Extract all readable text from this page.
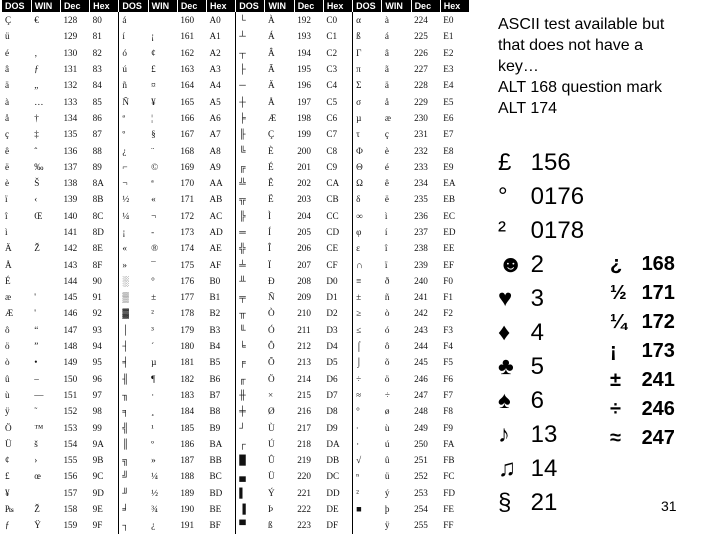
DOS	WIN	Dec	Hex	DOS	WIN	Dec	Hex	DOS	WIN	Dec	Hex	DOS	WIN	Dec	Hex
Ç	€	128	80	á		160	A0	└	À	192	C0	α	à	224	E0
ü		129	81	í	¡	161	A1	┴	Á	193	C1	ß	á	225	E1
é	‚	130	82	ó	¢	162	A2	┬	Â	194	C2	Γ	â	226	E2
â	ƒ	131	83	ú	£	163	A3	├	Ã	195	C3	π	ã	227	E3
ä	„	132	84	ñ	¤	164	A4	─	Ä	196	C4	Σ	ä	228	E4
à	…	133	85	Ñ	¥	165	A5	┼	Å	197	C5	σ	å	229	E5
å	†	134	86	ª	¦	166	A6	╞	Æ	198	C6	µ	æ	230	E6
ç	‡	135	87	º	§	167	A7	╟	Ç	199	C7	τ	ç	231	E7
ê	ˆ	136	88	¿	¨	168	A8	╚	È	200	C8	Φ	è	232	E8
ë	‰	137	89	⌐	©	169	A9	╔	É	201	C9	Θ	é	233	E9
è	Š	138	8A	¬	ª	170	AA	╩	Ê	202	CA	Ω	ê	234	EA
ï	‹	139	8B	½	«	171	AB	╦	Ë	203	CB	δ	ë	235	EB
î	Œ	140	8C	¼	¬	172	AC	╠	Ì	204	CC	∞	ì	236	EC
ì		141	8D	¡	-	173	AD	═	Í	205	CD	φ	í	237	ED
Ä	Ž	142	8E	«	®	174	AE	╬	Î	206	CE	ε	î	238	EE
Å		143	8F	»	¯	175	AF	╧	Ï	207	CF	∩	ï	239	EF
É		144	90	░	°	176	B0	╨	Ð	208	D0	≡	ð	240	F0
æ	'	145	91	▒	±	177	B1	╤	Ñ	209	D1	±	ñ	241	F1
Æ	'	146	92	▓	²	178	B2	╥	Ò	210	D2	≥	ò	242	F2
ô	“	147	93	│	³	179	B3	╙	Ó	211	D3	≤	ó	243	F3
ö	”	148	94	┤	´	180	B4	╘	Ô	212	D4	⌠	ô	244	F4
ò	•	149	95	╡	µ	181	B5	╒	Õ	213	D5	⌡	õ	245	F5
û	–	150	96	╢	¶	182	B6	╓	Ö	214	D6	÷	ö	246	F6
ù	—	151	97	╖	·	183	B7	╫	×	215	D7	≈	÷	247	F7
ÿ	˜	152	98	╕	¸	184	B8	╪	Ø	216	D8	°	ø	248	F8
Ö	™	153	99	╣	¹	185	B9	┘	Ù	217	D9	∙	ù	249	F9
Ü	š	154	9A	║	º	186	BA	┌	Ú	218	DA	·	ú	250	FA
¢	›	155	9B	╗	»	187	BB	█	Û	219	DB	√	û	251	FB
£	œ	156	9C	╝	¼	188	BC	▄	Ü	220	DC	ⁿ	ü	252	FC
¥		157	9D	╜	½	189	BD	▌	Ý	221	DD	²	ý	253	FD
₧	Ž	158	9E	╛	¾	190	BE	▐	Þ	222	DE	■	þ	254	FE
ƒ	Ÿ	159	9F	┐	¿	191	BF	▀	ß	223	DF		ÿ	255	FF
ASCII test available but
that does not have a
key…
ALT 168 question mark
ALT 174
£ 156
° 0176
² 0178
☻ 2
♥ 3
♦ 4
♣ 5
♠ 6
♪ 13
♫ 14
§ 21
¿ 168
½ 171
¼ 172
¡ 173
± 241
÷ 246
≈ 247
31
